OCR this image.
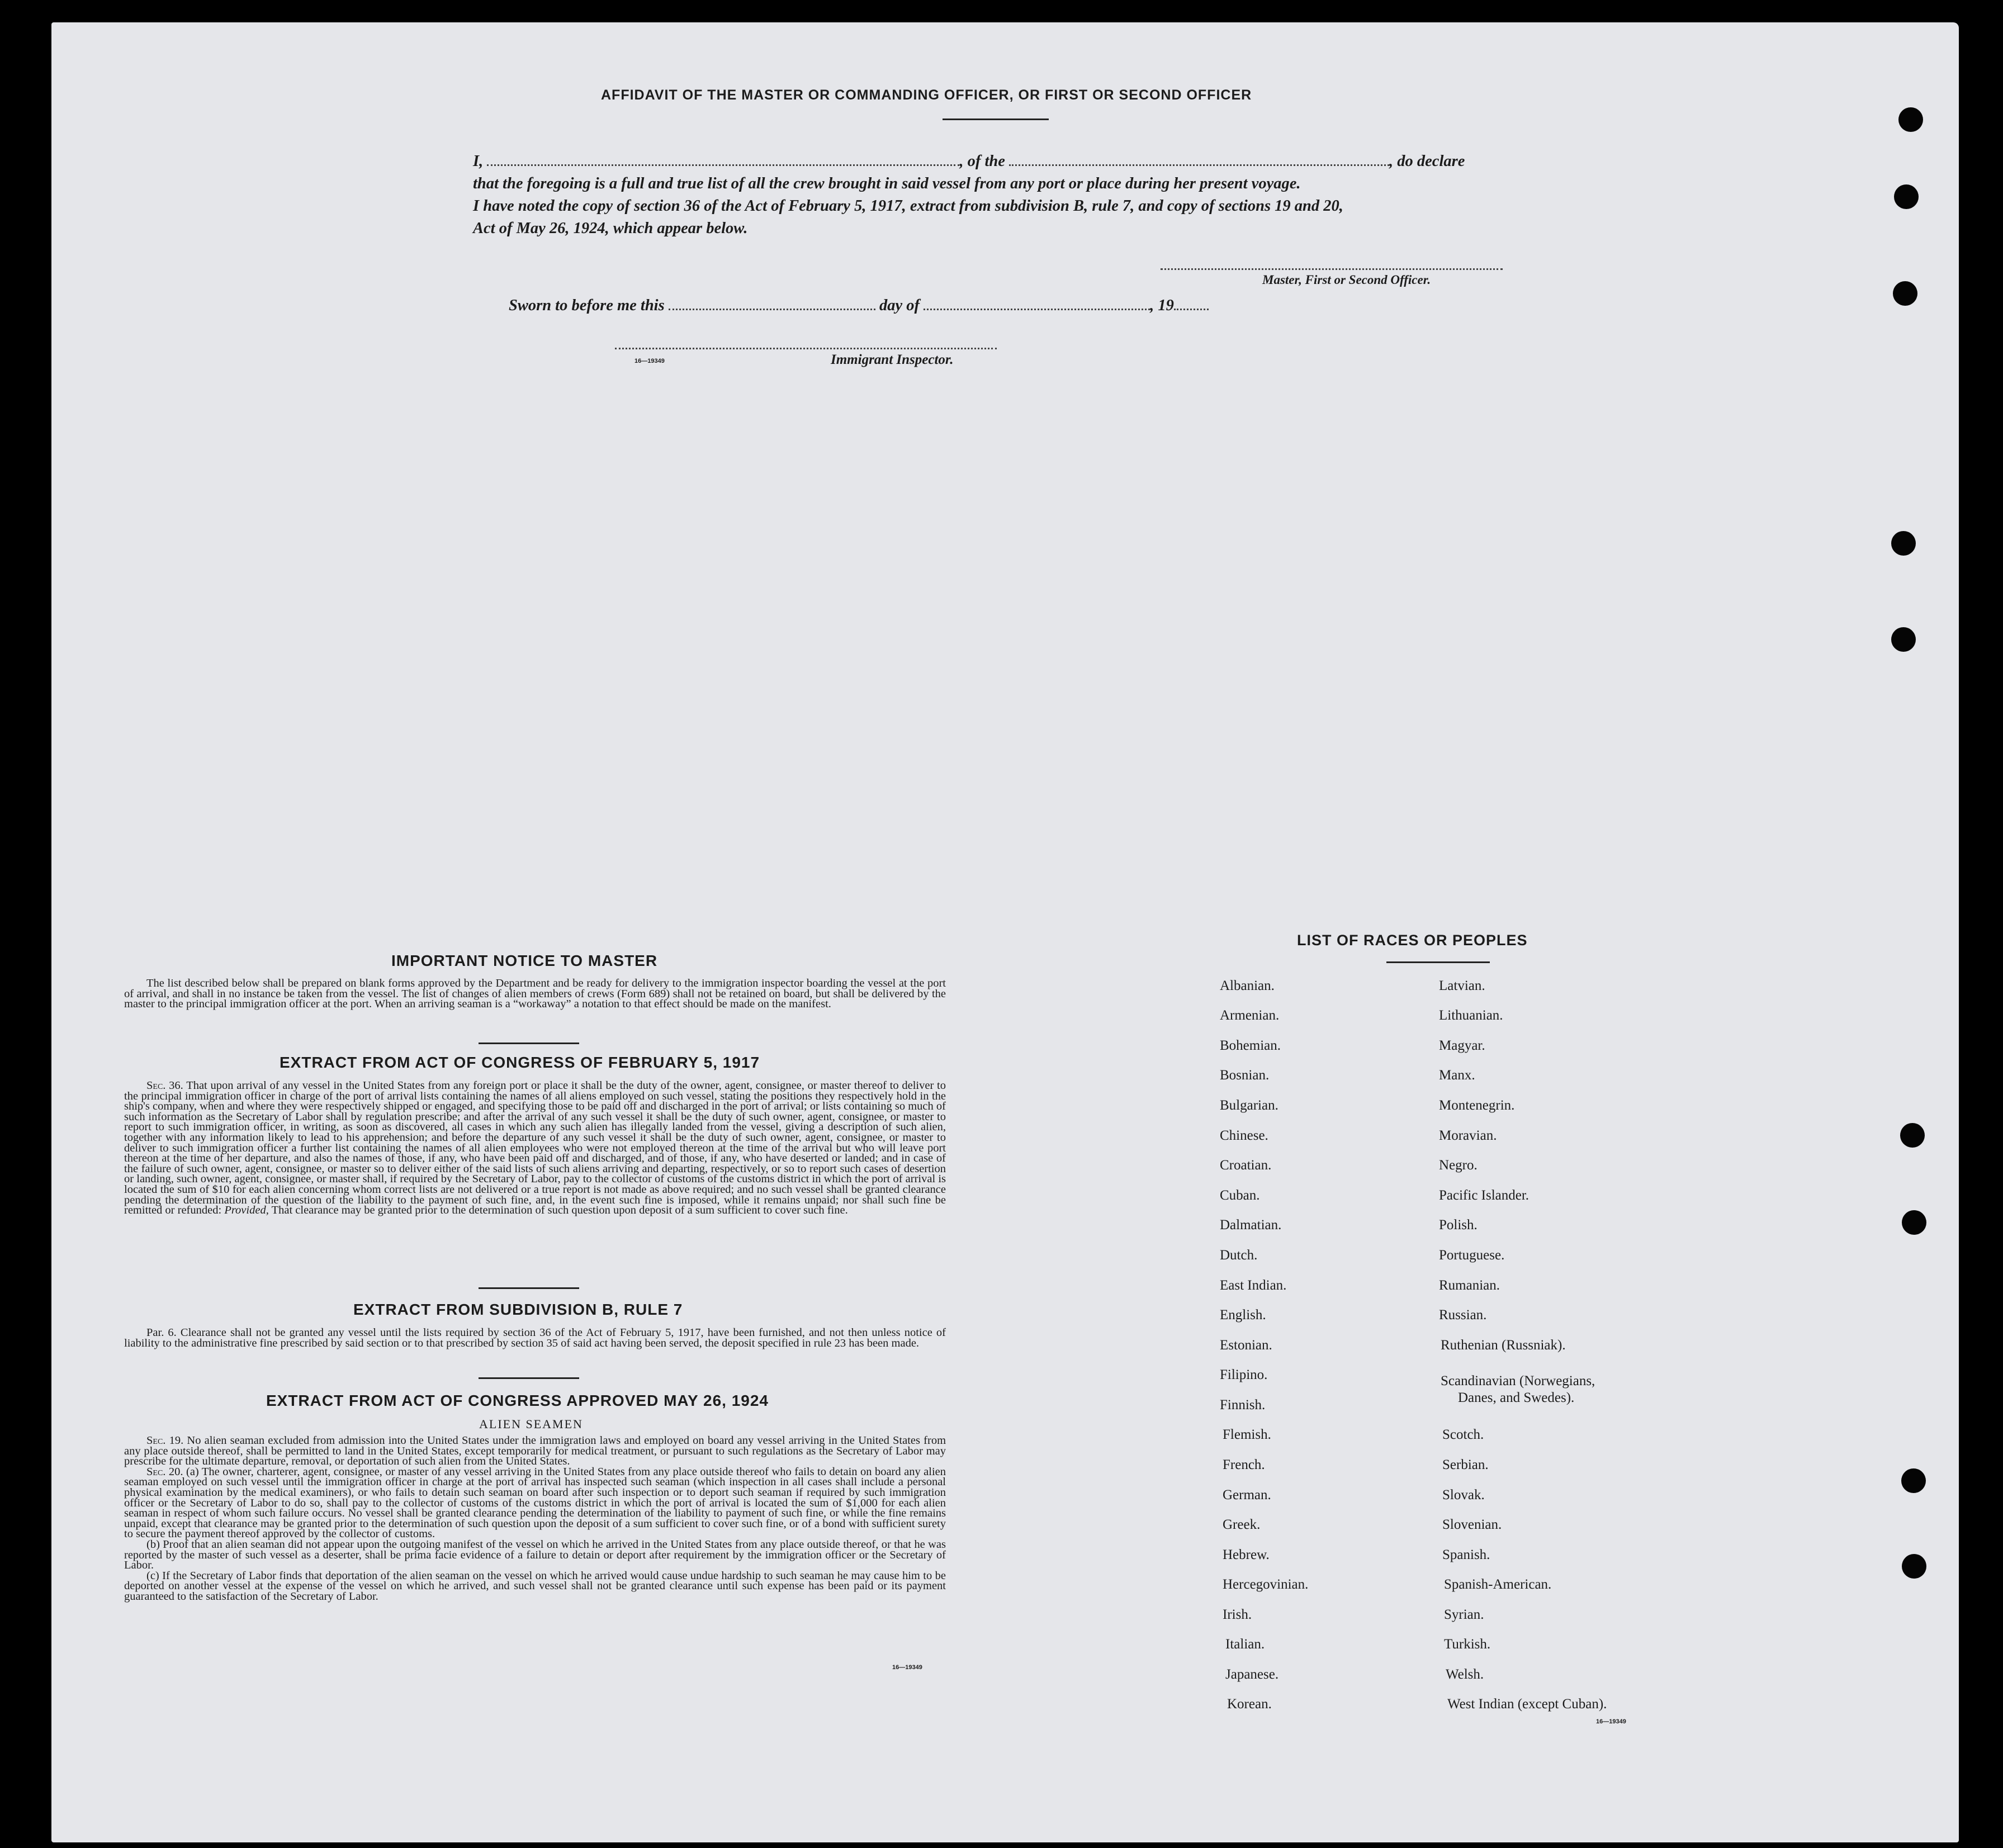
AFFIDAVIT OF THE MASTER OR COMMANDING OFFICER, OR FIRST OR SECOND OFFICER

I,	, of the	, do declare

that the foregoing is a full and true list of all the crew brought in said vessel from any port or place during her present voyage.

I have noted the copy of section 36 of the Act of February 5, 1917, extract from subdivision B, rule 7, and copy of sections 19 and 20,

Act of May 26, 1924, which appear below.

Master, First or Second Officer.
Sworn to before me this	day of	, 19
16—19349	Immigrant Inspector.
IMPORTANT NOTICE TO MASTER
The list described below shall be prepared on blank forms approved by the Department and be ready for delivery to the immigration inspector boarding the vessel at the port of arrival, and shall in no instance be taken from the vessel. The list of changes of alien members of crews (Form 689) shall not be retained on board, but shall be delivered by the master to the principal immigration officer at the port. When an arriving seaman is a “workaway” a notation to that effect should be made on the manifest.
EXTRACT FROM ACT OF CONGRESS OF FEBRUARY 5, 1917
Sec. 36. That upon arrival of any vessel in the United States from any foreign port or place it shall be the duty of the owner, agent, consignee, or master thereof to deliver to the principal immigration officer in charge of the port of arrival lists containing the names of all aliens employed on such vessel, stating the positions they respectively hold in the ship's company, when and where they were respectively shipped or engaged, and specifying those to be paid off and discharged in the port of arrival; or lists containing so much of such information as the Secretary of Labor shall by regulation prescribe; and after the arrival of any such vessel it shall be the duty of such owner, agent, consignee, or master to report to such immigration officer, in writing, as soon as discovered, all cases in which any such alien has illegally landed from the vessel, giving a description of such alien, together with any information likely to lead to his apprehension; and before the departure of any such vessel it shall be the duty of such owner, agent, consignee, or master to deliver to such immigration officer a further list containing the names of all alien employees who were not employed thereon at the time of the arrival but who will leave port thereon at the time of her departure, and also the names of those, if any, who have been paid off and discharged, and of those, if any, who have deserted or landed; and in case of the failure of such owner, agent, consignee, or master so to deliver either of the said lists of such aliens arriving and departing, respectively, or so to report such cases of desertion or landing, such owner, agent, consignee, or master shall, if required by the Secretary of Labor, pay to the collector of customs of the customs district in which the port of arrival is located the sum of $10 for each alien concerning whom correct lists are not delivered or a true report is not made as above required; and no such vessel shall be granted clearance pending the determination of the question of the liability to the payment of such fine, and, in the event such fine is imposed, while it remains unpaid; nor shall such fine be remitted or refunded: Provided, That clearance may be granted prior to the determination of such question upon deposit of a sum sufficient to cover such fine.
EXTRACT FROM SUBDIVISION B, RULE 7
Par. 6. Clearance shall not be granted any vessel until the lists required by section 36 of the Act of February 5, 1917, have been furnished, and not then unless notice of liability to the administrative fine prescribed by said section or to that prescribed by section 35 of said act having been served, the deposit specified in rule 23 has been made.
EXTRACT FROM ACT OF CONGRESS APPROVED MAY 26, 1924
ALIEN SEAMEN
Sec. 19. No alien seaman excluded from admission into the United States under the immigration laws and employed on board any vessel arriving in the United States from any place outside thereof, shall be permitted to land in the United States, except temporarily for medical treatment, or pursuant to such regulations as the Secretary of Labor may prescribe for the ultimate departure, removal, or deportation of such alien from the United States.
Sec. 20. (a) The owner, charterer, agent, consignee, or master of any vessel arriving in the United States from any place outside thereof who fails to detain on board any alien seaman employed on such vessel until the immigration officer in charge at the port of arrival has inspected such seaman (which inspection in all cases shall include a personal physical examination by the medical examiners), or who fails to detain such seaman on board after such inspection or to deport such seaman if required by such immigration officer or the Secretary of Labor to do so, shall pay to the collector of customs of the customs district in which the port of arrival is located the sum of $1,000 for each alien seaman in respect of whom such failure occurs. No vessel shall be granted clearance pending the determination of the liability to payment of such fine, or while the fine remains unpaid, except that clearance may be granted prior to the determination of such question upon the deposit of a sum sufficient to cover such fine, or of a bond with sufficient surety to secure the payment thereof approved by the collector of customs.
(b) Proof that an alien seaman did not appear upon the outgoing manifest of the vessel on which he arrived in the United States from any place outside thereof, or that he was reported by the master of such vessel as a deserter, shall be prima facie evidence of a failure to detain or deport after requirement by the immigration officer or the Secretary of Labor.
(c) If the Secretary of Labor finds that deportation of the alien seaman on the vessel on which he arrived would cause undue hardship to such seaman he may cause him to be deported on another vessel at the expense of the vessel on which he arrived, and such vessel shall not be granted clearance until such expense has been paid or its payment guaranteed to the satisfaction of the Secretary of Labor.
16—19349
LIST OF RACES OR PEOPLES
Albanian.
Armenian.
Bohemian.
Bosnian.
Bulgarian.
Chinese.
Croatian.
Cuban.
Dalmatian.
Dutch.
East Indian.
English.
Estonian.
Filipino.
Finnish.
Flemish.
French.
German.
Greek.
Hebrew.
Hercegovinian.
Irish.
Italian.
Japanese.
Korean.
Latvian.
Lithuanian.
Magyar.
Manx.
Montenegrin.
Moravian.
Negro.
Pacific Islander.
Polish.
Portuguese.
Rumanian.
Russian.
Ruthenian (Russniak).
Scandinavian (Norwegians,
Danes, and Swedes).
Scotch.
Serbian.
Slovak.
Slovenian.
Spanish.
Spanish-American.
Syrian.
Turkish.
Welsh.
West Indian (except Cuban).
16—19349
